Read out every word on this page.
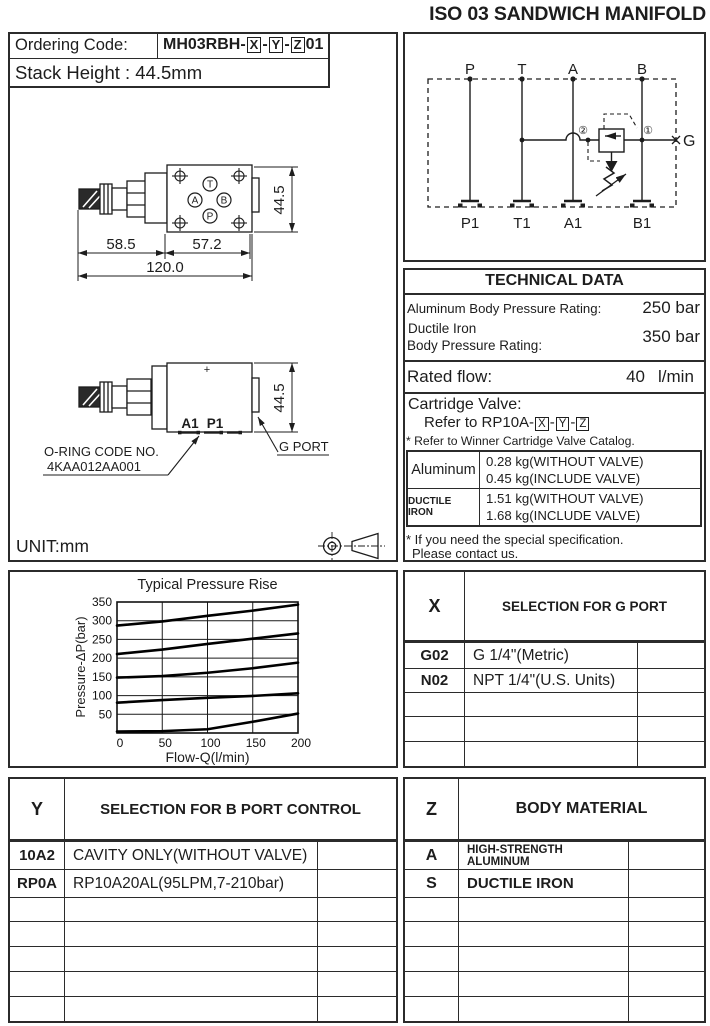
ISO 03 SANDWICH MANIFOLD
Ordering Code: MH03RBH- X - Y - Z 01
Stack Height : 44.5mm
T
A B
P
58.5	57.2
120.0
44.5
+
A1 P1
44.5
O-RING CODE NO.
4KAA012AA001
G PORT
UNIT:mm
P	T	A	B
P1 T1 A1	B1
②	①
G
TECHNICAL DATA
Aluminum Body Pressure Rating:	250 bar
Ductile Iron
Body Pressure Rating:	350 bar
Rated flow:	40 l/min
Cartridge Valve:
Refer to RP10A- X - Y - Z
* Refer to Winner Cartridge Valve Catalog.
Aluminum
0.28 kg(WITHOUT VALVE)
0.45 kg(INCLUDE VALVE)
DUCTILE IRON
1.51 kg(WITHOUT VALVE)
1.68 kg(INCLUDE VALVE)
* If you need the special specification.
Please contact us.
Typical Pressure Rise
Pressure-ΔP(bar)
Flow-Q(l/min)
0	50 100 150 200
50
100
150
200
250
300
350	X	SELECTION FOR G PORT
G02	G 1/4"(Metric)
N02	NPT 1/4"(U.S. Units)
Y	SELECTION FOR B PORT CONTROL
10A2	CAVITY ONLY(WITHOUT VALVE)
RP0A	RP10A20AL(95LPM,7-210bar)
Z	BODY MATERIAL
A	HIGH-STRENGTH ALUMINUM
S	DUCTILE IRON
